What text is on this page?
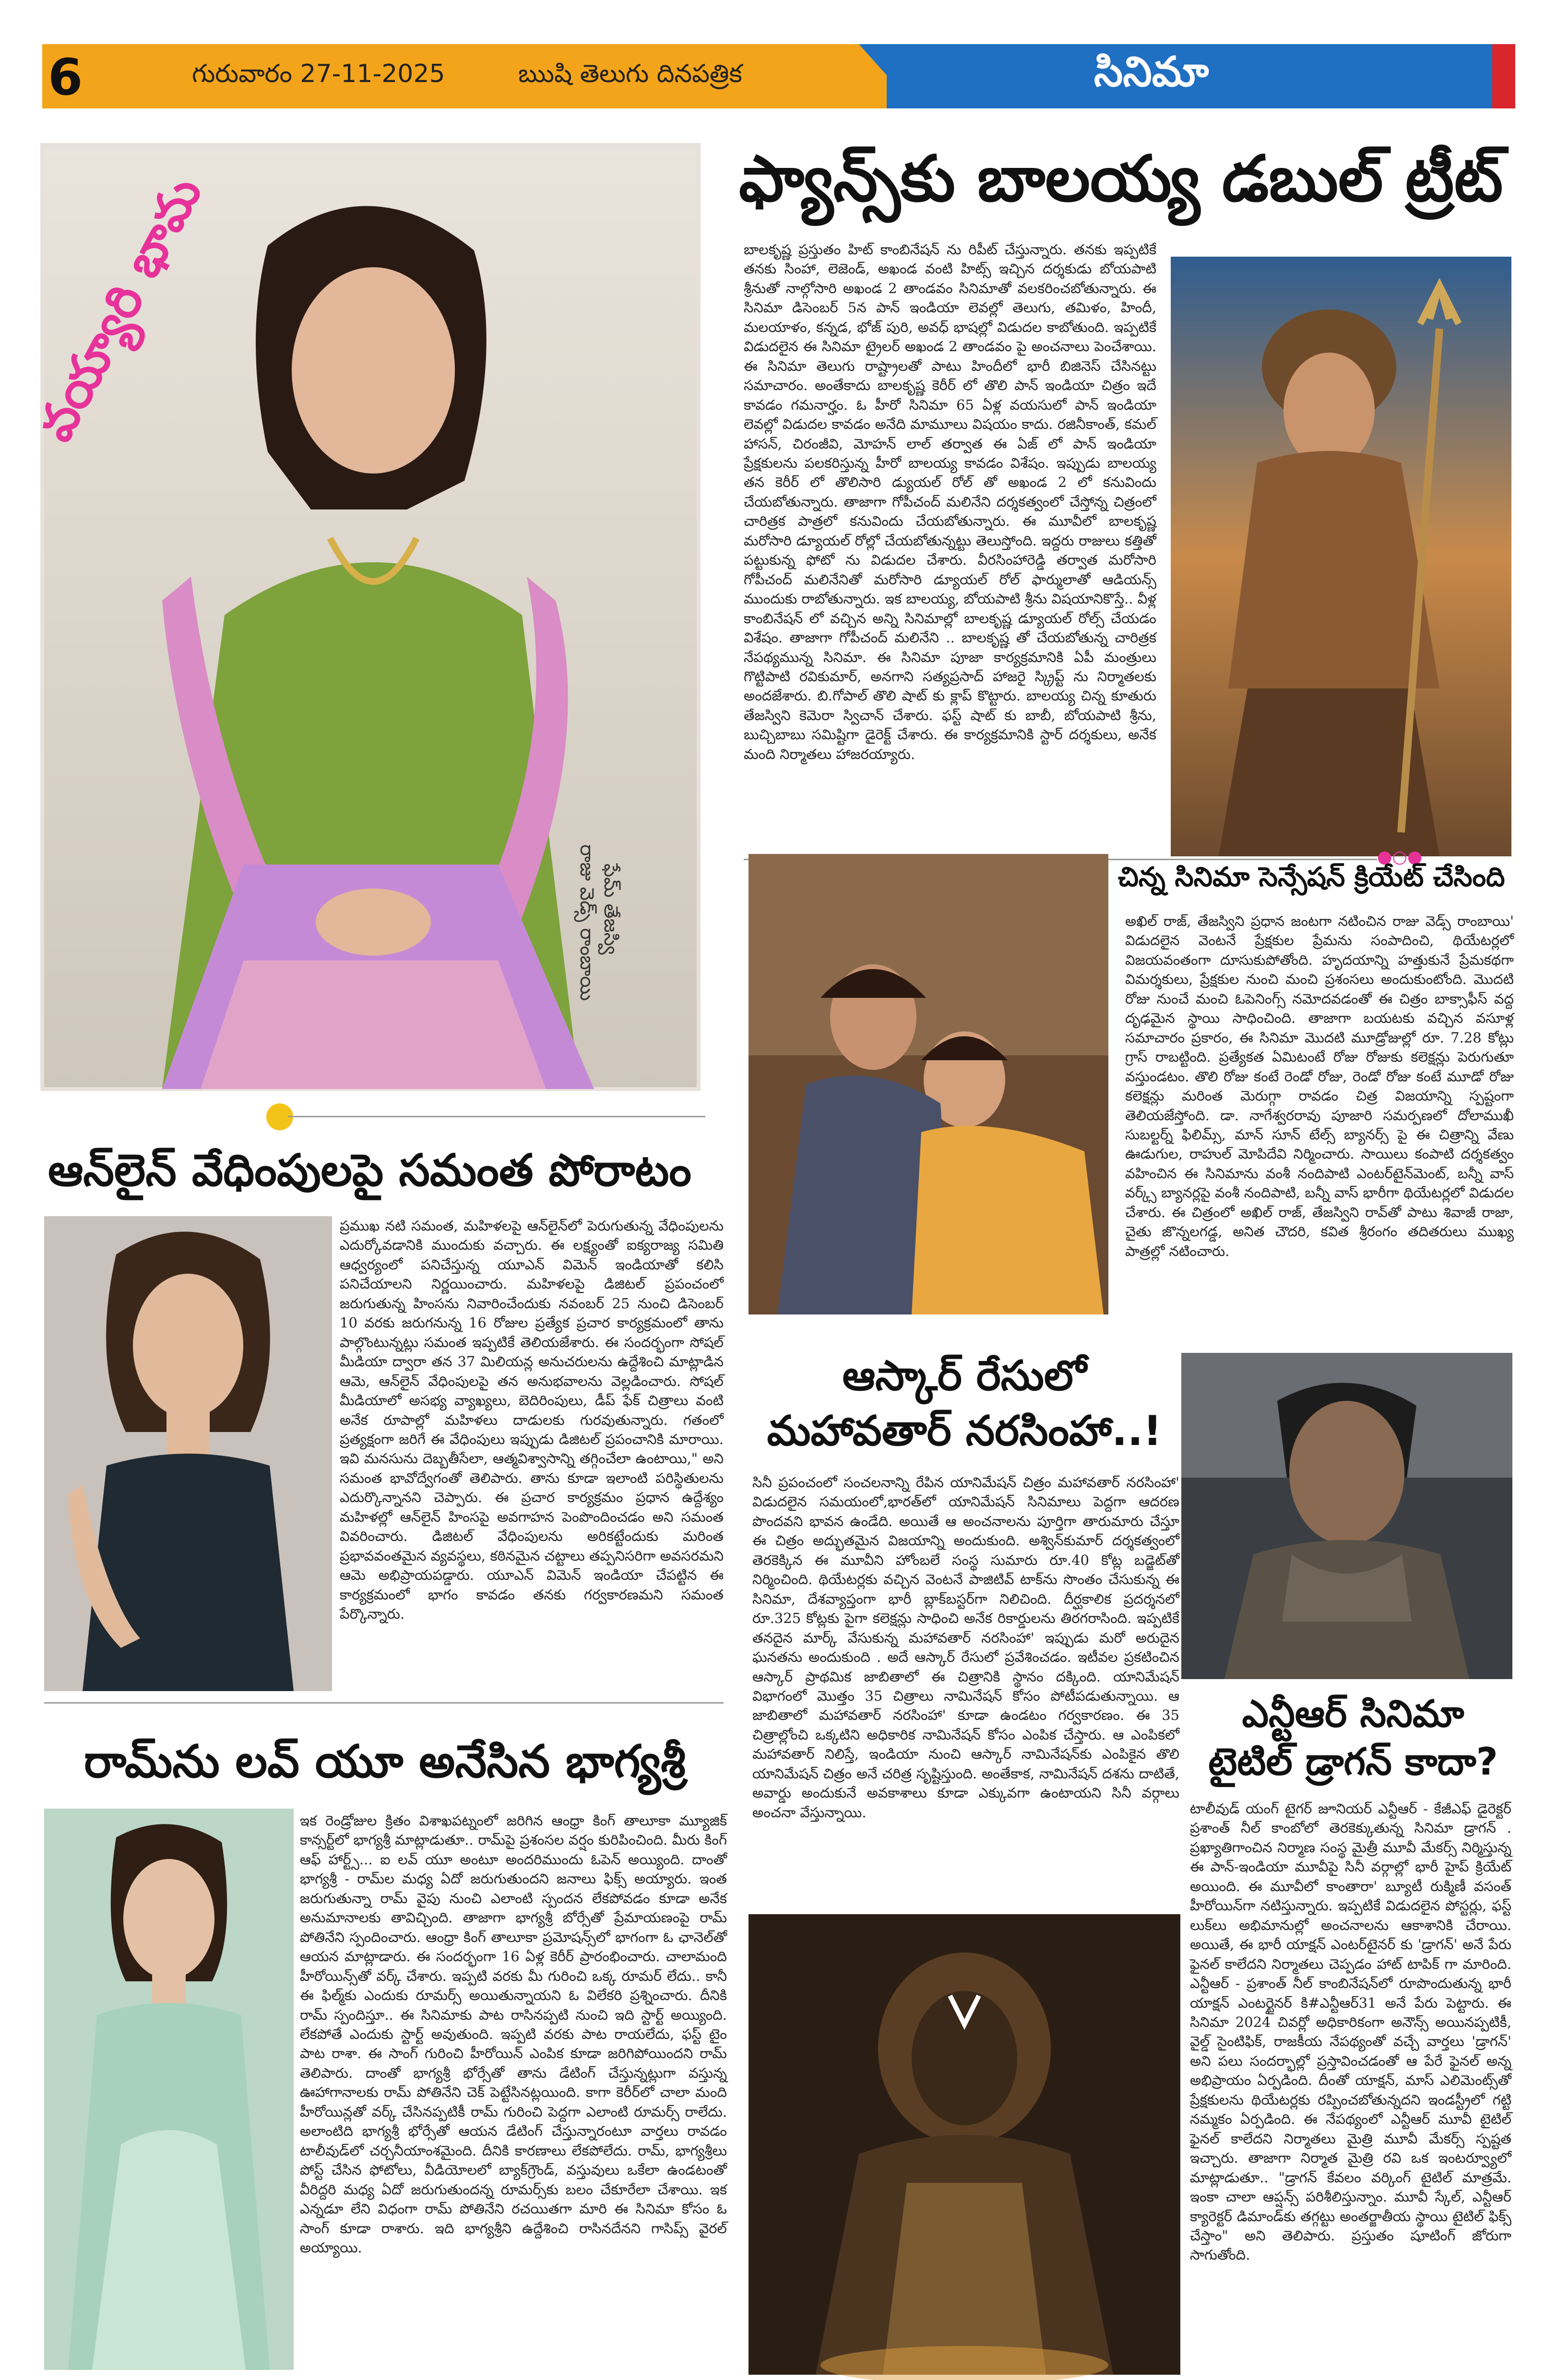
6	గురువారం 27-11-2025	ఋషి తెలుగు దినపత్రిక	సినిమా
వయ్యారి భామ
రాజు వెడ్స్ రాంబాయి ఫేమ్ తేజస్వి
ఫ్యాన్స్‌కు బాలయ్య డబుల్ ట్రీట్
బాలకృష్ణ ప్రస్తుతం హిట్ కాంబినేషన్ ను రిపీట్ చేస్తున్నారు. తనకు ఇప్పటికే తనకు సింహా, లెజెండ్, అఖండ వంటి హిట్స్ ఇచ్చిన దర్శకుడు బోయపాటి శ్రీనుతో నాల్గోసారి అఖండ 2 తాండవం సినిమాతో వలకరించబోతున్నారు. ఈ సినిమా డిసెంబర్ 5న పాన్ ఇండియా లెవల్లో తెలుగు, తమిళం, హిందీ, మలయాళం, కన్నడ, భోజ్ పురి, అవధ్ భాషల్లో విడుదల కాబోతుంది. ఇప్పటికే విడుదలైన ఈ సినిమా ట్రైలర్ అఖండ 2 తాండవం పై అంచనాలు పెంచేశాయి. ఈ సినిమా తెలుగు రాష్ట్రాలతో పాటు హిందీలో భారీ బిజినెస్ చేసినట్టు సమాచారం. అంతేకాదు బాలకృష్ణ కెరీర్ లో తొలి పాన్ ఇండియా చిత్రం ఇదే కావడం గమనార్హం. ఓ హీరో సినిమా 65 ఏళ్ల వయసులో పాన్ ఇండియా లెవల్లో విడుదల కావడం అనేది మామూలు విషయం కాదు. రజినీకాంత్, కమల్ హాసన్, చిరంజీవి, మోహన్ లాల్ తర్వాత ఈ ఏజ్ లో పాన్ ఇండియా ప్రేక్షకులను పలకరిస్తున్న హీరో బాలయ్య కావడం విశేషం. ఇప్పుడు బాలయ్య తన కెరీర్ లో తొలిసారి డ్యుయల్ రోల్ తో అఖండ 2 లో కనువిందు చేయబోతున్నారు. తాజాగా గోపీచంద్ మలినేని దర్శకత్వంలో చేస్తోన్న చిత్రంలో చారిత్రక పాత్రలో కనువిందు చేయబోతున్నారు. ఈ మూవీలో బాలకృష్ణ మరోసారి డ్యూయల్ రోల్లో చేయబోతున్నట్టు తెలుస్తోంది. ఇద్దరు రాజులు కత్తితో పట్టుకున్న ఫోటో ను విడుదల చేశారు. వీరసింహారెడ్డి తర్వాత మరోసారి గోపీచంద్ మలినేనితో మరోసారి డ్యూయల్ రోల్ ఫార్ములాతో ఆడియన్స్ ముందుకు రాబోతున్నారు. ఇక బాలయ్య, బోయపాటి శ్రీను విషయానికొస్తే.. వీళ్ల కాంబినేషన్ లో వచ్చిన అన్ని సినిమాల్లో బాలకృష్ణ డ్యూయల్ రోల్స్ చేయడం విశేషం. తాజాగా గోపీచంద్ మలినేని .. బాలకృష్ణ తో చేయబోతున్న చారిత్రక నేపథ్యమున్న సినిమా. ఈ సినిమా పూజా కార్యక్రమానికి ఏపీ మంత్రులు గొట్టిపాటి రవికుమార్, అనగాని సత్యప్రసాద్ హాజరై స్క్రిప్ట్ ను నిర్మాతలకు అందజేశారు. బి.గోపాల్ తొలి షాట్ కు క్లాప్ కొట్టారు. బాలయ్య చిన్న కూతురు తేజస్విని కెమెరా స్విచాన్ చేశారు. ఫస్ట్ షాట్ కు బాబీ, బోయపాటి శ్రీను, బుచ్చిబాబు సమిష్టిగా డైరెక్ట్ చేశారు. ఈ కార్యక్రమానికి స్టార్ దర్శకులు, అనేక మంది నిర్మాతలు హాజరయ్యారు.
●○●
చిన్న సినిమా సెన్సేషన్ క్రియేట్ చేసింది
అఖిల్ రాజ్, తేజస్విని ప్రధాన జంటగా నటించిన రాజు వెడ్స్ రాంబాయి' విడుదలైన వెంటనే ప్రేక్షకుల ప్రేమను సంపాదించి, థియేటర్లలో విజయవంతంగా దూసుకుపోతోంది. హృదయాన్ని హత్తుకునే ప్రేమకథగా విమర్శకులు, ప్రేక్షకుల నుంచి మంచి ప్రశంసలు అందుకుంటోంది. మొదటి రోజు నుంచే మంచి ఓపెనింగ్స్ నమోదవడంతో ఈ చిత్రం బాక్సాఫీస్ వద్ద దృఢమైన స్థాయి సాధించింది. తాజాగా బయటకు వచ్చిన వసూళ్ల సమాచారం ప్రకారం, ఈ సినిమా మొదటి మూడ్రోజుల్లో రూ. 7.28 కోట్లు గ్రాస్ రాబట్టింది. ప్రత్యేకత ఏమిటంటే రోజు రోజుకు కలెక్షన్లు పెరుగుతూ వస్తుండటం. తొలి రోజు కంటే రెండో రోజు, రెండో రోజు కంటే మూడో రోజు కలెక్షన్లు మరింత మెరుగ్గా రావడం చిత్ర విజయాన్ని స్పష్టంగా తెలియజేస్తోంది. డా. నాగేశ్వరరావు పూజారి సమర్పణలో దోలాముఖీ సుబల్టర్న్ ఫిలిమ్స్, మాన్ సూన్ టేల్స్ బ్యానర్స్ పై ఈ చిత్రాన్ని వేణు ఊడుగుల, రాహుల్ మోపిదేవి నిర్మించారు. సాయిలు కంపాటి దర్శకత్వం వహించిన ఈ సినిమాను వంశీ నందిపాటి ఎంటర్‌టైన్‌మెంట్, బన్నీ వాస్ వర్క్స్ బ్యానర్లపై వంశీ నందిపాటి, బన్నీ వాస్ భారీగా థియేటర్లలో విడుదల చేశారు. ఈ చిత్రంలో అఖిల్ రాజ్, తేజస్విని రావ్‌తో పాటు శివాజీ రాజా, చైతు జొన్నలగడ్డ, అనిత చౌదరి, కవిత శ్రీరంగం తదితరులు ముఖ్య పాత్రల్లో నటించారు.
ఆన్‌లైన్ వేధింపులపై సమంత పోరాటం
ప్రముఖ నటి సమంత, మహిళలపై ఆన్‌లైన్‌లో పెరుగుతున్న వేధింపులను ఎదుర్కోవడానికి ముందుకు వచ్చారు. ఈ లక్ష్యంతో ఐక్యరాజ్య సమితి ఆధ్వర్యంలో పనిచేస్తున్న యూఎన్ విమెన్ ఇండియాతో కలిసి పనిచేయాలని నిర్ణయించారు. మహిళలపై డిజిటల్ ప్రపంచంలో జరుగుతున్న హింసను నివారించేందుకు నవంబర్ 25 నుంచి డిసెంబర్ 10 వరకు జరుగనున్న 16 రోజుల ప్రత్యేక ప్రచార కార్యక్రమంలో తాను పాల్గొంటున్నట్లు సమంత ఇప్పటికే తెలియజేశారు. ఈ సందర్భంగా సోషల్ మీడియా ద్వారా తన 37 మిలియన్ల అనుచరులను ఉద్దేశించి మాట్లాడిన ఆమె, ఆన్‌లైన్ వేధింపులపై తన అనుభవాలను వెల్లడించారు. సోషల్ మీడియాలో అసభ్య వ్యాఖ్యలు, బెదిరింపులు, డీప్ ఫేక్ చిత్రాలు వంటి అనేక రూపాల్లో మహిళలు దాడులకు గురవుతున్నారు. గతంలో ప్రత్యక్షంగా జరిగే ఈ వేధింపులు ఇప్పుడు డిజిటల్ ప్రపంచానికి మారాయి. ఇవి మనసును దెబ్బతీసేలా, ఆత్మవిశ్వాసాన్ని తగ్గించేలా ఉంటాయి," అని సమంత భావోద్వేగంతో తెలిపారు. తాను కూడా ఇలాంటి పరిస్థితులను ఎదుర్కొన్నానని చెప్పారు. ఈ ప్రచార కార్యక్రమం ప్రధాన ఉద్దేశ్యం మహిళల్లో ఆన్‌లైన్ హింసపై అవగాహన పెంపొందించడం అని సమంత వివరించారు. డిజిటల్ వేధింపులను అరికట్టేందుకు మరింత ప్రభావవంతమైన వ్యవస్థలు, కఠినమైన చట్టాలు తప్పనిసరిగా అవసరమని ఆమె అభిప్రాయపడ్డారు. యూఎన్ విమెన్ ఇండియా చేపట్టిన ఈ కార్యక్రమంలో భాగం కావడం తనకు గర్వకారణమని సమంత పేర్కొన్నారు.
ఆస్కార్ రేసులో
మహావతార్ నరసింహా..!
సినీ ప్రపంచంలో సంచలనాన్ని రేపిన యానిమేషన్ చిత్రం మహావతార్ నరసింహా' విడుదలైన సమయంలో,భారత్‌లో యానిమేషన్ సినిమాలు పెద్దగా ఆదరణ పొందవని భావన ఉండేది. అయితే ఆ అంచనాలను పూర్తిగా తారుమారు చేస్తూ ఈ చిత్రం అద్భుతమైన విజయాన్ని అందుకుంది. అశ్విన్‌కుమార్ దర్శకత్వంలో తెరకెక్కిన ఈ మూవీని హోంబలే సంస్థ సుమారు రూ.40 కోట్ల బడ్జెట్‌తో నిర్మించింది. థియేటర్లకు వచ్చిన వెంటనే పాజిటివ్ టాక్‌ను సొంతం చేసుకున్న ఈ సినిమా, దేశవ్యాప్తంగా భారీ బ్లాక్‌బస్టర్‌గా నిలిచింది. దీర్ఘకాలిక ప్రదర్శనలో రూ.325 కోట్లకు పైగా కలెక్షన్లు సాధించి అనేక రికార్డులను తిరగరాసింది. ఇప్పటికే తనదైన మార్క్ వేసుకున్న మహావతార్ నరసింహా' ఇప్పుడు మరో అరుదైన ఘనతను అందుకుంది . అదే ఆస్కార్ రేసులో ప్రవేశించడం. ఇటీవల ప్రకటించిన ఆస్కార్ ప్రాథమిక జాబితాలో ఈ చిత్రానికి స్థానం దక్కింది. యానిమేషన్ విభాగంలో మొత్తం 35 చిత్రాలు నామినేషన్ కోసం పోటీపడుతున్నాయి. ఆ జాబితాలో మహావతార్ నరసింహా' కూడా ఉండటం గర్వకారణం. ఈ 35 చిత్రాల్లోంచి ఒక్కటిని అధికారిక నామినేషన్ కోసం ఎంపిక చేస్తారు. ఆ ఎంపికలో మహావతార్ నిలిస్తే, ఇండియా నుంచి ఆస్కార్ నామినేషన్‌కు ఎంపికైన తొలి యానిమేషన్ చిత్రం అనే చరిత్ర సృష్టిస్తుంది. అంతేకాక, నామినేషన్ దశను దాటితే, అవార్డు అందుకునే అవకాశాలు కూడా ఎక్కువగా ఉంటాయని సినీ వర్గాలు అంచనా వేస్తున్నాయి.
ఎన్టీఆర్ సినిమా
టైటిల్ డ్రాగన్ కాదా?
టాలీవుడ్ యంగ్ టైగర్ జూనియర్ ఎన్టీఆర్ - కేజీఎఫ్ డైరెక్టర్ ప్రశాంత్ నీల్ కాంబోలో తెరకెక్కుతున్న సినిమా డ్రాగన్ . ప్రఖ్యాతిగాంచిన నిర్మాణ సంస్థ మైత్రీ మూవీ మేకర్స్ నిర్మిస్తున్న ఈ పాన్-ఇండియా మూవీపై సినీ వర్గాల్లో భారీ హైప్ క్రియేట్ అయింది. ఈ మూవీలో కాంతారా' బ్యూటీ రుక్మిణీ వసంత్ హీరోయిన్‌గా నటిస్తున్నారు. ఇప్పటికే విడుదలైన పోస్టర్లు, ఫస్ట్ లుక్‌లు అభిమానుల్లో అంచనాలను ఆకాశానికి చేరాయి. అయితే, ఈ భారీ యాక్షన్ ఎంటర్‌టైనర్ కు 'డ్రాగన్' అనే పేరు ఫైనల్ కాలేదని నిర్మాతలు చెప్పడం హాట్ టాపిక్ గా మారింది. ఎన్టీఆర్ - ప్రశాంత్ నీల్ కాంబినేషన్‌లో రూపొందుతున్న భారీ యాక్షన్ ఎంటర్టైనర్ కి#ఎన్టీఆర్31 అనే పేరు పెట్టారు. ఈ సినిమా 2024 చివర్లో అధికారికంగా అనౌన్స్ అయినప్పటికీ, వైల్డ్ సైంటిఫిక్, రాజకీయ నేపథ్యంతో వచ్చే వార్తలు 'డ్రాగన్' అని పలు సందర్భాల్లో ప్రస్తావించడంతో ఆ పేరే ఫైనల్ అన్న అభిప్రాయం ఏర్పడింది. దీంతో యాక్షన్, మాస్ ఎలిమెంట్స్‌తో ప్రేక్షకులను థియేటర్లకు రప్పించబోతున్నదని ఇండస్ట్రీలో గట్టి నమ్మకం ఏర్పడింది. ఈ నేపథ్యంలో ఎన్టీఆర్ మూవీ టైటిల్ ఫైనల్ కాలేదని నిర్మాతలు మైత్రి మూవీ మేకర్స్ స్పష్టత ఇచ్చారు. తాజాగా నిర్మాత మైత్రి రవి ఒక ఇంటర్వ్యూలో మాట్లాడుతూ.. "డ్రాగన్ కేవలం వర్కింగ్ టైటిల్ మాత్రమే. ఇంకా చాలా ఆప్షన్స్ పరిశీలిస్తున్నాం. మూవీ స్కేల్, ఎన్టీఆర్ క్యారెక్టర్ డిమాండ్‌కు తగ్గట్టు అంతర్జాతీయ స్థాయి టైటిల్ ఫిక్స్ చేస్తాం" అని తెలిపారు. ప్రస్తుతం షూటింగ్ జోరుగా సాగుతోంది.
రామ్‌ను లవ్ యూ అనేసిన భాగ్యశ్రీ
ఇక రెండ్రోజుల క్రితం విశాఖపట్నంలో జరిగిన ఆంధ్రా కింగ్ తాలూకా మ్యూజిక్ కాన్సర్ట్‌లో భాగ్యశ్రీ మాట్లాడుతూ.. రామ్‌పై ప్రశంసల వర్షం కురిపించింది. మీరు కింగ్ ఆఫ్ హార్ట్స్... ఐ లవ్ యూ అంటూ అందరిముందు ఓపెన్ అయ్యింది. దాంతో భాగ్యశ్రీ - రామ్‌ల మధ్య ఏదో జరుగుతుందని జనాలు ఫిక్స్ అయ్యారు. ఇంత జరుగుతున్నా రామ్ వైపు నుంచి ఎలాంటి స్పందన లేకపోవడం కూడా అనేక అనుమానాలకు తావిచ్చింది. తాజాగా భాగ్యశ్రీ బోర్సేతో ప్రేమాయణంపై రామ్ పోతినేని స్పందించారు. ఆంధ్రా కింగ్ తాలూకా ప్రమోషన్స్‌లో భాగంగా ఓ ఛానెల్‌తో ఆయన మాట్లాడారు. ఈ సందర్భంగా 16 ఏళ్ల కెరీర్ ప్రారంభించారు. చాలామంది హీరోయిన్స్‌తో వర్క్ చేశారు. ఇప్పటి వరకు మీ గురించి ఒక్క రూమర్ లేదు.. కానీ ఈ ఫిల్మ్‌కు ఎందుకు రూమర్స్ అయితున్నాయని ఓ విలేకరి ప్రశ్నించారు. దీనికి రామ్ స్పందిస్తూ.. ఈ సినిమాకు పాట రాసినప్పటి నుంచి ఇది స్టార్ట్ అయ్యింది. లేకపోతే ఎందుకు స్టార్ట్ అవుతుంది. ఇప్పటి వరకు పాట రాయలేదు, ఫస్ట్ టైం పాట రాశా. ఈ సాంగ్ గురించి హీరోయిన్ ఎంపిక కూడా జరిగిపోయిందని రామ్ తెలిపారు. దాంతో భాగ్యశ్రీ భోర్సేతో తాను డేటింగ్ చేస్తున్నట్లుగా వస్తున్న ఊహాగానాలకు రామ్ పోతినేని చెక్ పెట్టేసినట్లయింది. కాగా కెరీర్‌లో చాలా మంది హీరోయిన్లతో వర్క్ చేసినప్పటికీ రామ్ గురించి పెద్దగా ఎలాంటి రూమర్స్ రాలేదు. అలాంటిది భాగ్యశ్రీ భోర్సేతో ఆయన డేటింగ్ చేస్తున్నారంటూ వార్తలు రావడం టాలీవుడ్‌లో చర్చనీయాంశమైంది. దీనికి కారణాలు లేకపోలేదు. రామ్, భాగ్యశ్రీలు పోస్ట్ చేసిన ఫోటోలు, వీడియోలలో బ్యాక్‌గ్రౌండ్, వస్తువులు ఒకేలా ఉండటంతో వీరిద్దరి మధ్య ఏదో జరుగుతుందన్న రూమర్స్‌కు బలం చేకూరేలా చేశాయి. ఇక ఎన్నడూ లేని విధంగా రామ్ పోతినేని రచయితగా మారి ఈ సినిమా కోసం ఓ సాంగ్ కూడా రాశారు. ఇది భాగ్యశ్రీని ఉద్దేశించి రాసినదేనని గాసిప్స్ వైరల్ అయ్యాయి.
